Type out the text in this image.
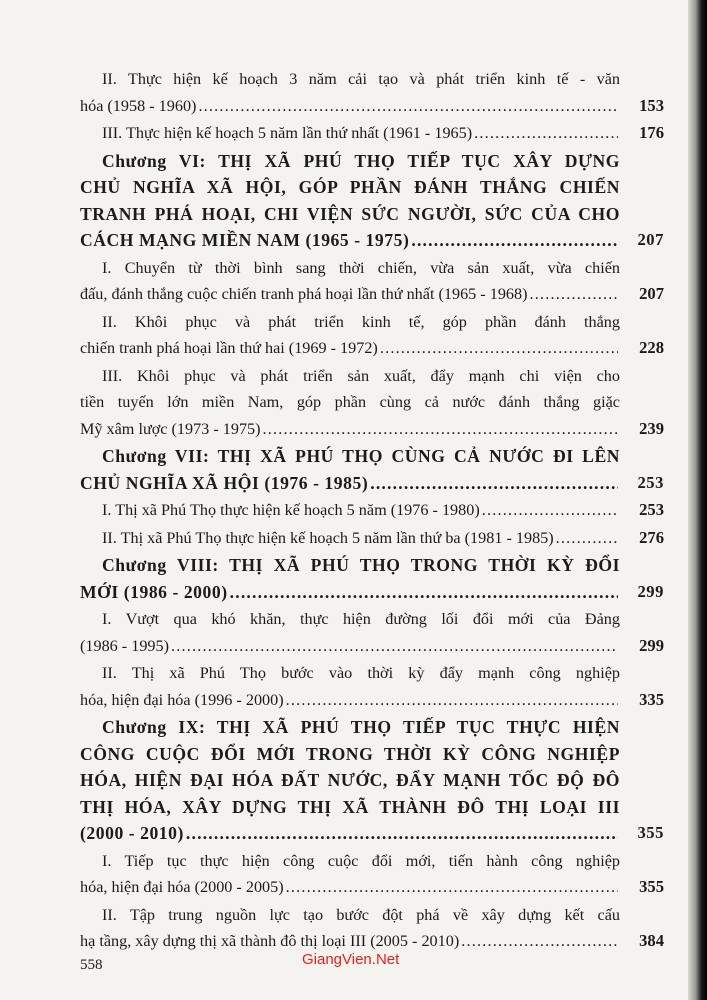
II. Thực hiện kế hoạch 3 năm cải tạo và phát triển kinh tế - văn
hóa (1958 - 1960) .....	153
III. Thực hiện kế hoạch 5 năm lần thứ nhất (1961 - 1965) .....	176
Chương VI: THỊ XÃ PHÚ THỌ TIẾP TỤC XÂY DỰNG
CHỦ NGHĨA XÃ HỘI, GÓP PHẦN ĐÁNH THẮNG CHIẾN
TRANH PHÁ HOẠI, CHI VIỆN SỨC NGƯỜI, SỨC CỦA CHO
CÁCH MẠNG MIỀN NAM (1965 - 1975) .....	207
I. Chuyển từ thời bình sang thời chiến, vừa sản xuất, vừa chiến
đấu, đánh thắng cuộc chiến tranh phá hoại lần thứ nhất (1965 - 1968) .....	207
II. Khôi phục và phát triển kinh tế, góp phần đánh thắng
chiến tranh phá hoại lần thứ hai (1969 - 1972) .....	228
III. Khôi phục và phát triển sản xuất, đẩy mạnh chi viện cho
tiền tuyến lớn miền Nam, góp phần cùng cả nước đánh thắng giặc
Mỹ xâm lược (1973 - 1975) .....	239
Chương VII: THỊ XÃ PHÚ THỌ CÙNG CẢ NƯỚC ĐI LÊN
CHỦ NGHĨA XÃ HỘI (1976 - 1985) .....	253
I. Thị xã Phú Thọ thực hiện kế hoạch 5 năm (1976 - 1980) .....	253
II. Thị xã Phú Thọ thực hiện kế hoạch 5 năm lần thứ ba (1981 - 1985) .....	276
Chương VIII: THỊ XÃ PHÚ THỌ TRONG THỜI KỲ ĐỔI
MỚI (1986 - 2000) .....	299
I. Vượt qua khó khăn, thực hiện đường lối đổi mới của Đảng
(1986 - 1995) .....	299
II. Thị xã Phú Thọ bước vào thời kỳ đẩy mạnh công nghiệp
hóa, hiện đại hóa (1996 - 2000) .....	335
Chương IX: THỊ XÃ PHÚ THỌ TIẾP TỤC THỰC HIỆN
CÔNG CUỘC ĐỔI MỚI TRONG THỜI KỲ CÔNG NGHIỆP
HÓA, HIỆN ĐẠI HÓA ĐẤT NƯỚC, ĐẨY MẠNH TỐC ĐỘ ĐÔ
THỊ HÓA, XÂY DỰNG THỊ XÃ THÀNH ĐÔ THỊ LOẠI III
(2000 - 2010) .....	355
I. Tiếp tục thực hiện công cuộc đổi mới, tiến hành công nghiệp
hóa, hiện đại hóa (2000 - 2005) .....	355
II. Tập trung nguồn lực tạo bước đột phá về xây dựng kết cấu
hạ tầng, xây dựng thị xã thành đô thị loại III (2005 - 2010) .....	384
558	GiangVien.Net
